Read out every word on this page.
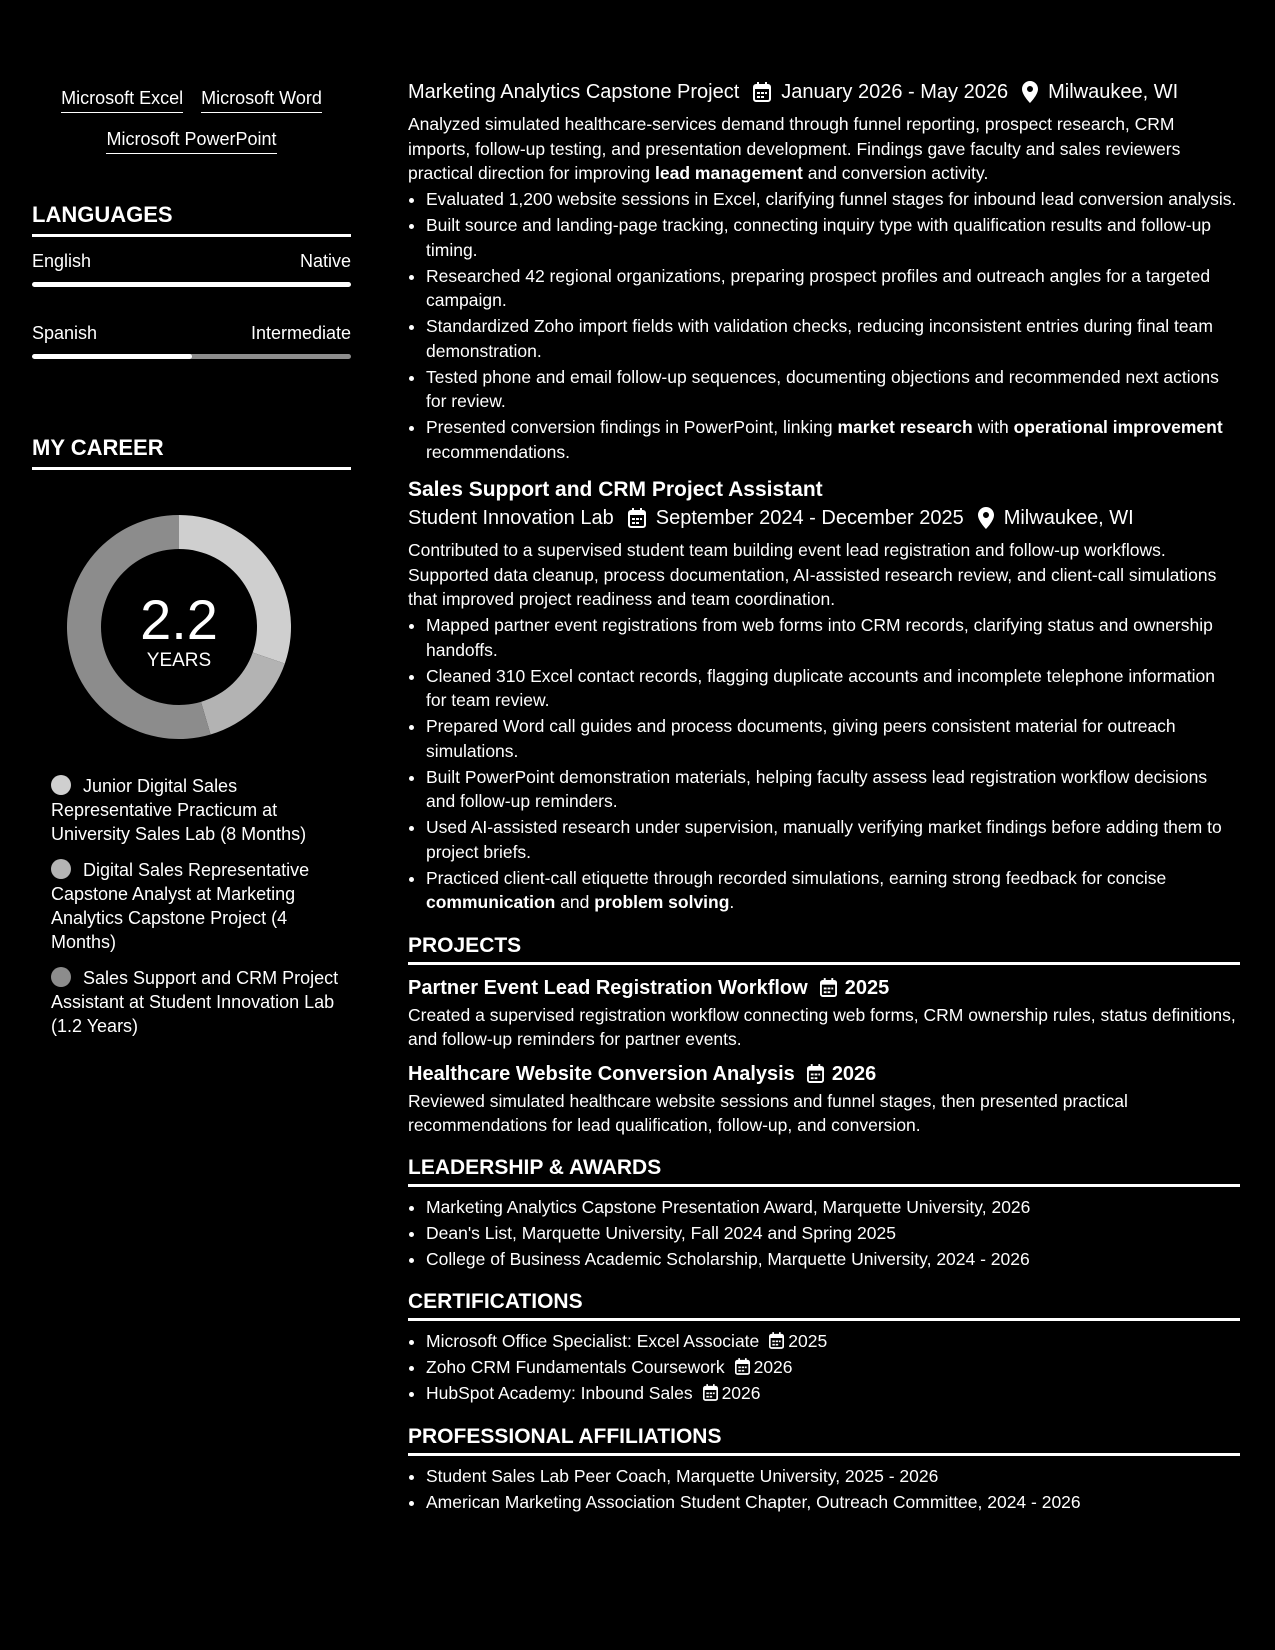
Microsoft Excel Microsoft Word
Microsoft PowerPoint
LANGUAGES
English	Native
Spanish	Intermediate
MY CAREER
2.2
YEARS
Junior Digital Sales Representative Practicum at University Sales Lab (8 Months)
Digital Sales Representative Capstone Analyst at Marketing Analytics Capstone Project (4 Months)
Sales Support and CRM Project Assistant at Student Innovation Lab (1.2 Years)
Marketing Analytics Capstone Project January 2026 - May 2026 Milwaukee, WI
Analyzed simulated healthcare-services demand through funnel reporting, prospect research, CRM imports, follow-up testing, and presentation development. Findings gave faculty and sales reviewers practical direction for improving lead management and conversion activity.
• Evaluated 1,200 website sessions in Excel, clarifying funnel stages for inbound lead conversion analysis.
• Built source and landing-page tracking, connecting inquiry type with qualification results and follow-up timing.
• Researched 42 regional organizations, preparing prospect profiles and outreach angles for a targeted campaign.
• Standardized Zoho import fields with validation checks, reducing inconsistent entries during final team demonstration.
• Tested phone and email follow-up sequences, documenting objections and recommended next actions for review.
• Presented conversion findings in PowerPoint, linking market research with operational improvement recommendations.
Sales Support and CRM Project Assistant
Student Innovation Lab September 2024 - December 2025 Milwaukee, WI
Contributed to a supervised student team building event lead registration and follow-up workflows. Supported data cleanup, process documentation, AI-assisted research review, and client-call simulations that improved project readiness and team coordination.
• Mapped partner event registrations from web forms into CRM records, clarifying status and ownership handoffs.
• Cleaned 310 Excel contact records, flagging duplicate accounts and incomplete telephone information for team review.
• Prepared Word call guides and process documents, giving peers consistent material for outreach simulations.
• Built PowerPoint demonstration materials, helping faculty assess lead registration workflow decisions and follow-up reminders.
• Used AI-assisted research under supervision, manually verifying market findings before adding them to project briefs.
• Practiced client-call etiquette through recorded simulations, earning strong feedback for concise communication and problem solving.
PROJECTS
Partner Event Lead Registration Workflow 2025
Created a supervised registration workflow connecting web forms, CRM ownership rules, status definitions, and follow-up reminders for partner events.
Healthcare Website Conversion Analysis 2026
Reviewed simulated healthcare website sessions and funnel stages, then presented practical recommendations for lead qualification, follow-up, and conversion.
LEADERSHIP & AWARDS
• Marketing Analytics Capstone Presentation Award, Marquette University, 2026
• Dean's List, Marquette University, Fall 2024 and Spring 2025
• College of Business Academic Scholarship, Marquette University, 2024 - 2026
CERTIFICATIONS
• Microsoft Office Specialist: Excel Associate 2025
• Zoho CRM Fundamentals Coursework 2026
• HubSpot Academy: Inbound Sales 2026
PROFESSIONAL AFFILIATIONS
• Student Sales Lab Peer Coach, Marquette University, 2025 - 2026
• American Marketing Association Student Chapter, Outreach Committee, 2024 - 2026
